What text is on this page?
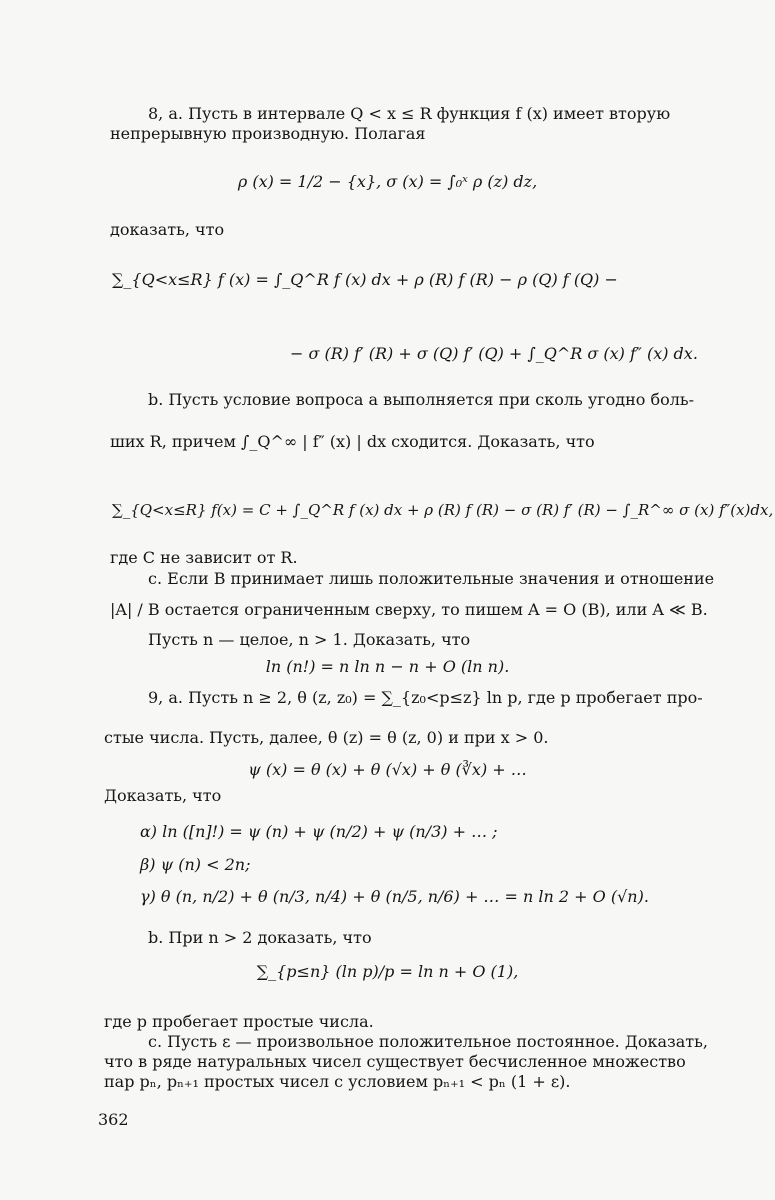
8, a. Пусть в интервале Q < x ≤ R функция f (x) имеет вторую
непрерывную производную. Полагая
ρ (x) = 1/2 − {x}, σ (x) = ∫₀ˣ ρ (z) dz,
доказать, что
∑_{Q<x≤R} f (x) = ∫_Q^R f (x) dx + ρ (R) f (R) − ρ (Q) f (Q) −
− σ (R) f′ (R) + σ (Q) f′ (Q) + ∫_Q^R σ (x) f″ (x) dx.
b. Пусть условие вопроса a выполняется при сколь угодно боль-
ших R, причем ∫_Q^∞ | f″ (x) | dx сходится. Доказать, что
∑_{Q<x≤R} f(x) = C + ∫_Q^R f (x) dx + ρ (R) f (R) − σ (R) f′ (R) − ∫_R^∞ σ (x) f″(x)dx,
где C не зависит от R.
c. Если B принимает лишь положительные значения и отношение
|A| / B остается ограниченным сверху, то пишем A = O (B), или A ≪ B.
Пусть n — целое, n > 1. Доказать, что
ln (n!) = n ln n − n + O (ln n).
9, a. Пусть n ≥ 2, θ (z, z₀) = ∑_{z₀<p≤z} ln p, где p пробегает про-
стые числа. Пусть, далее, θ (z) = θ (z, 0) и при x > 0.
ψ (x) = θ (x) + θ (√x) + θ (∛x) + …
Доказать, что
α) ln ([n]!) = ψ (n) + ψ (n/2) + ψ (n/3) + … ;
β) ψ (n) < 2n;
γ) θ (n, n/2) + θ (n/3, n/4) + θ (n/5, n/6) + … = n ln 2 + O (√n).
b. При n > 2 доказать, что
∑_{p≤n} (ln p)/p = ln n + O (1),
где p пробегает простые числа.
c. Пусть ε — произвольное положительное постоянное. Доказать,
что в ряде натуральных чисел существует бесчисленное множество
пар pₙ, pₙ₊₁ простых чисел с условием pₙ₊₁ < pₙ (1 + ε).
362
